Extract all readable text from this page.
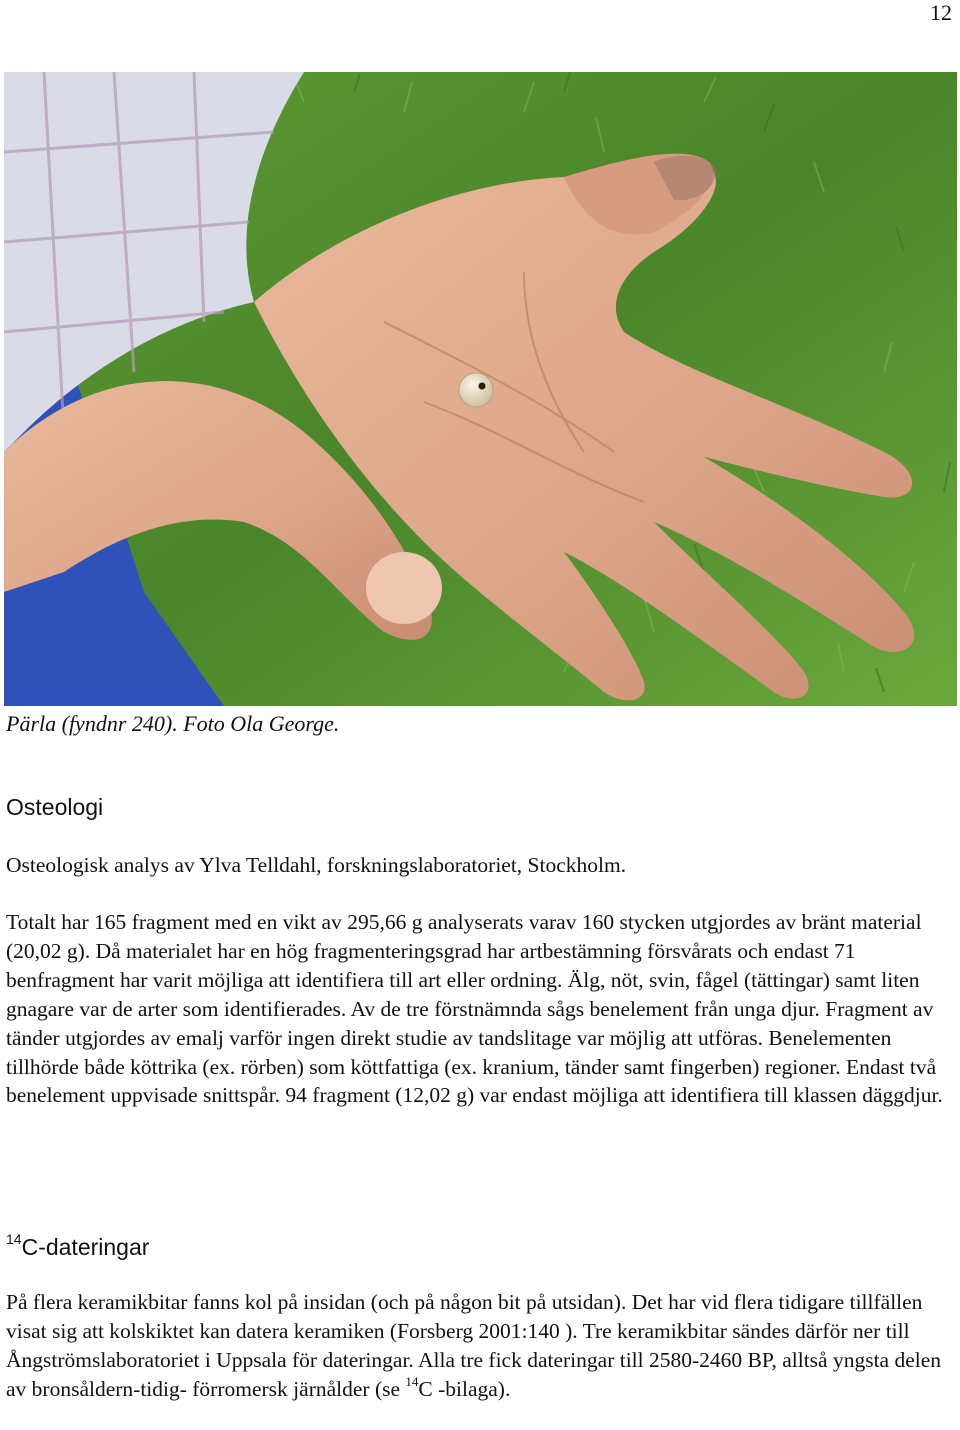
12
Pärla (fyndnr 240). Foto Ola George.
Osteologi

Osteologisk analys av Ylva Telldahl, forskningslaboratoriet, Stockholm.

Totalt har 165 fragment med en vikt av 295,66 g analyserats varav 160 stycken utgjordes av bränt material (20,02 g). Då materialet har en hög fragmenteringsgrad har artbestämning försvårats och endast 71 benfragment har varit möjliga att identifiera till art eller ordning. Älg, nöt, svin, fågel (tättingar) samt liten gnagare var de arter som identifierades. Av de tre förstnämnda sågs benelement från unga djur. Fragment av tänder utgjordes av emalj varför ingen direkt studie av tandslitage var möjlig att utföras. Benelementen tillhörde både köttrika (ex. rörben) som köttfattiga (ex. kranium, tänder samt fingerben) regioner. Endast två benelement uppvisade snittspår. 94 fragment (12,02 g) var endast möjliga att identifiera till klassen däggdjur.

$^{14}$C-dateringar

På flera keramikbitar fanns kol på insidan (och på någon bit på utsidan). Det har vid flera tidigare tillfällen visat sig att kolskiktet kan datera keramiken (Forsberg 2001:140 ). Tre keramikbitar sändes därför ner till Ångströmslaboratoriet i Uppsala för dateringar. Alla tre fick dateringar till 2580-2460 BP, alltså yngsta delen av bronsåldern-tidig- förromersk järnålder (se $^{14}$C -bilaga).
